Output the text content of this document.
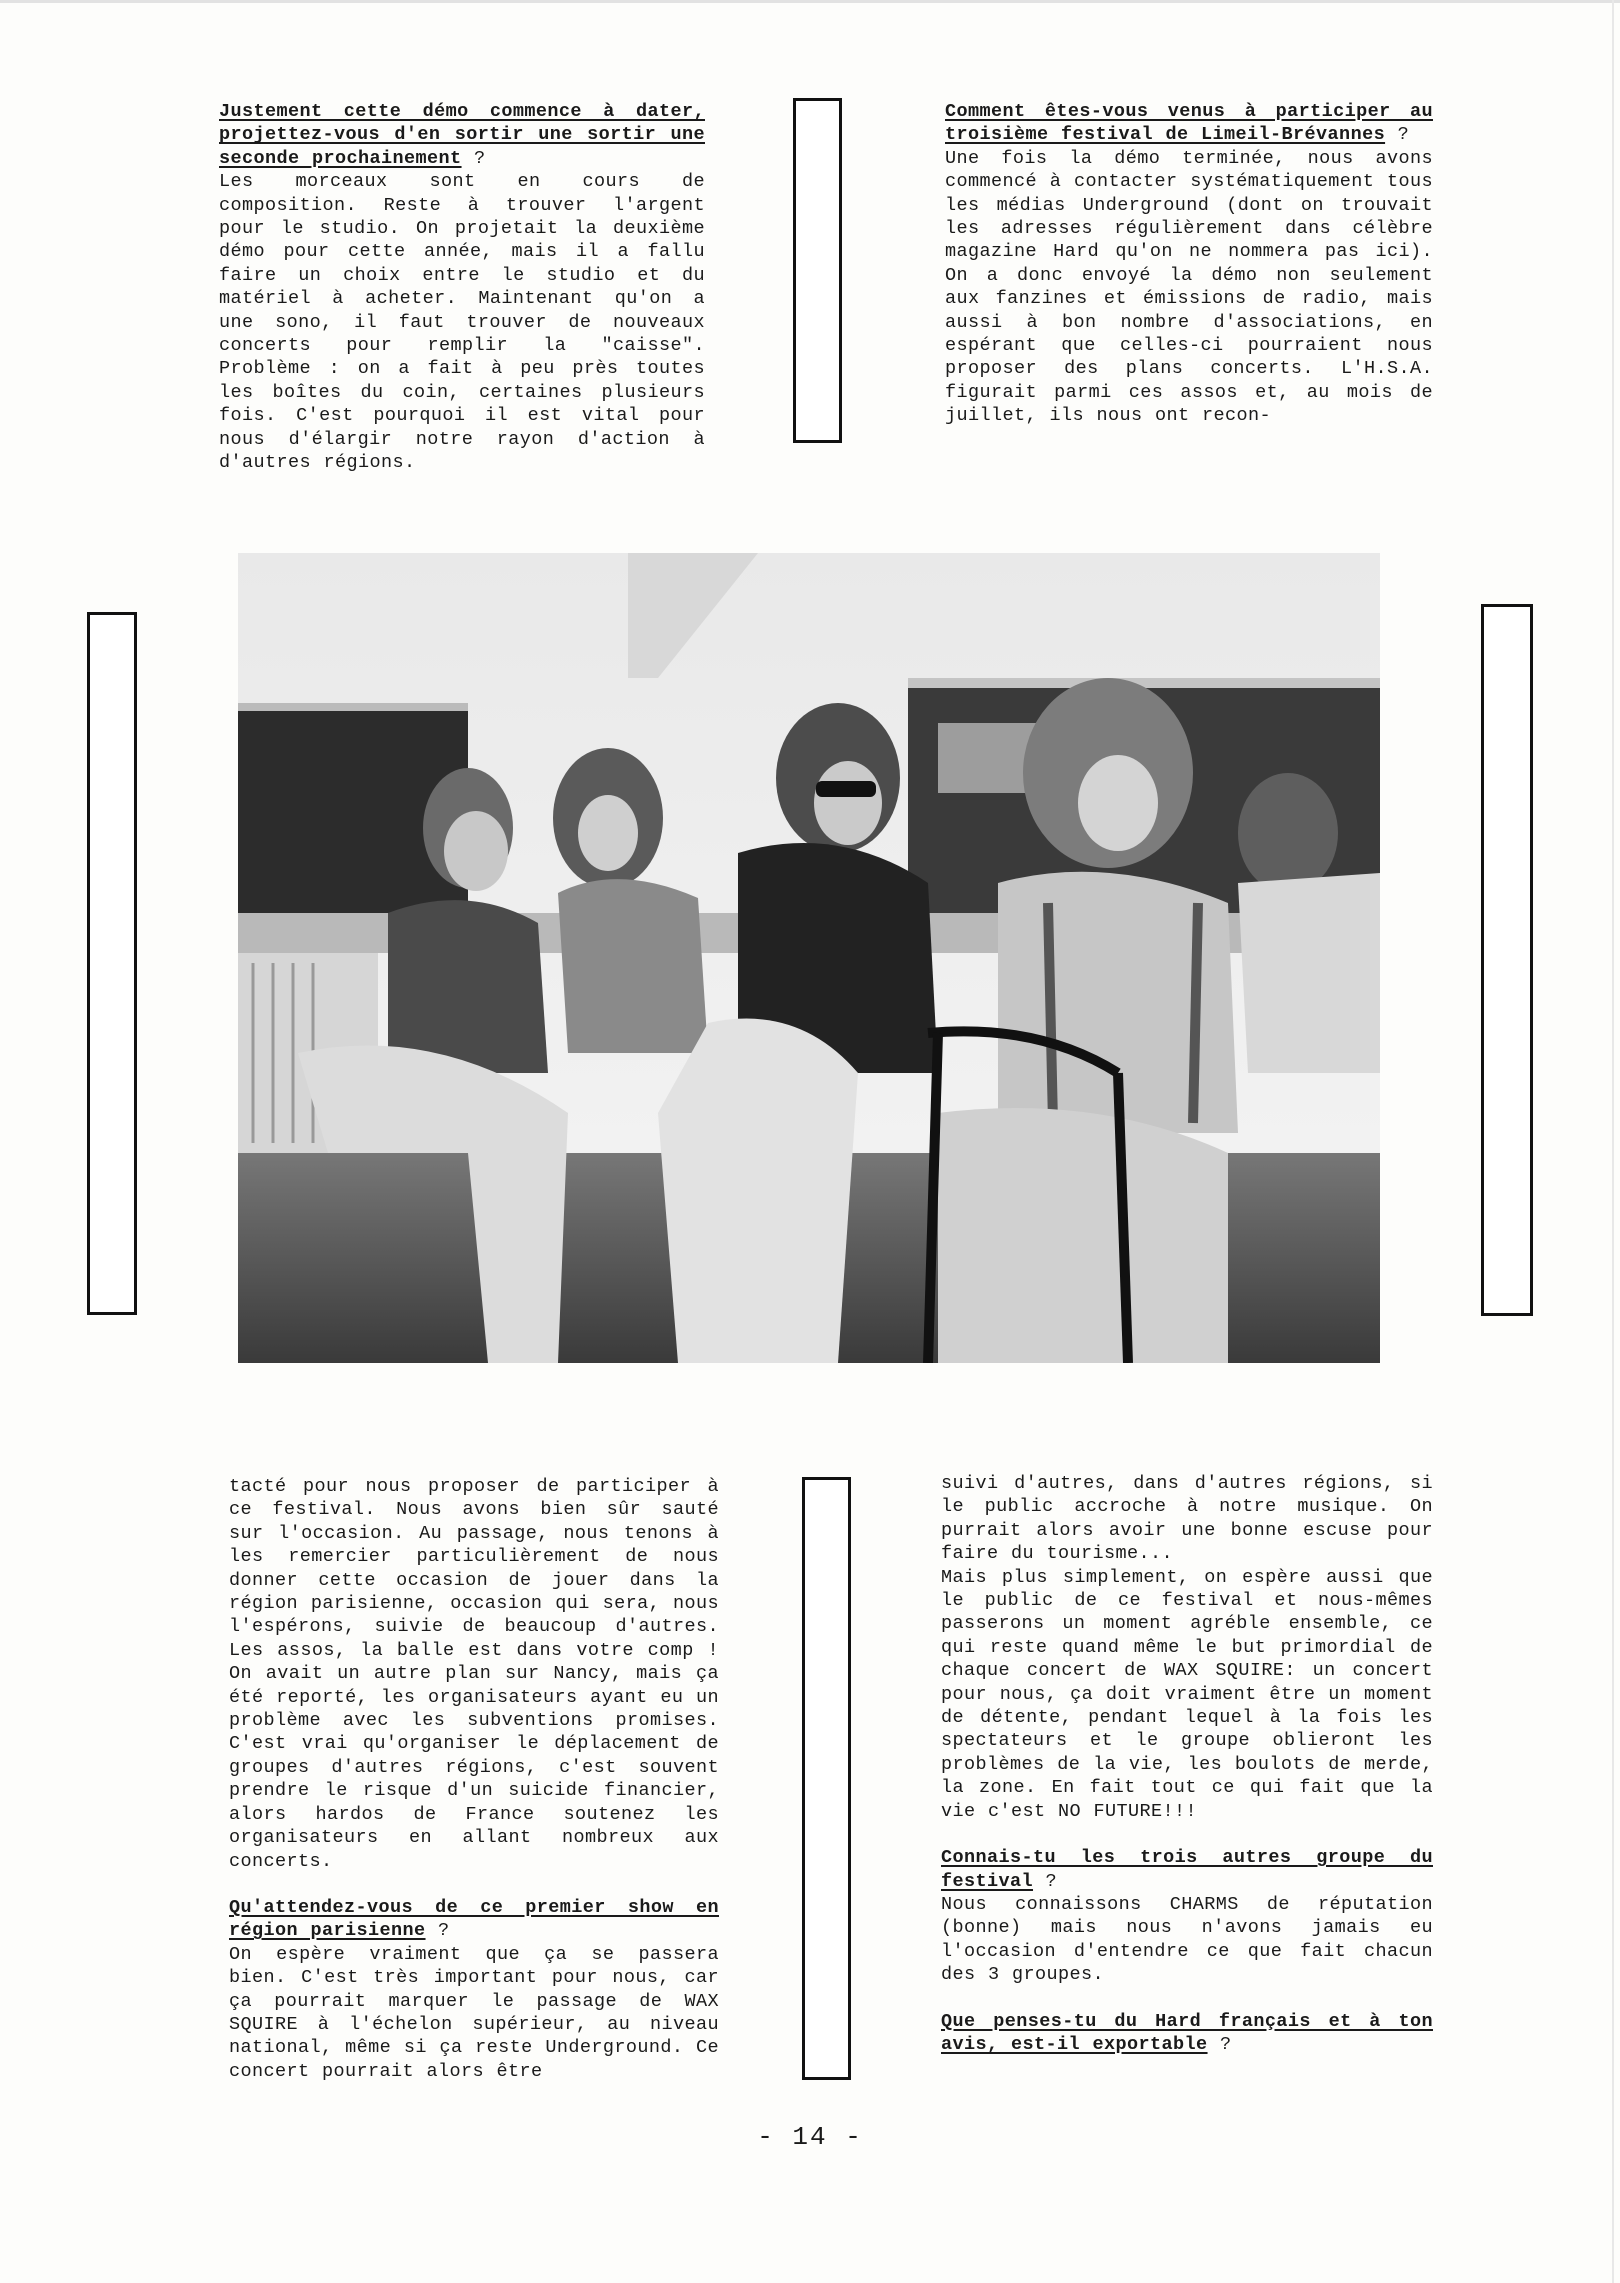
Justement cette démo commence à dater, projettez-vous d'en sortir une sortir une seconde prochainement ?

Les morceaux sont en cours de composition. Reste à trouver l'argent pour le studio. On projetait la deuxième démo pour cette année, mais il a fallu faire un choix entre le studio et du matériel à acheter. Maintenant qu'on a une sono, il faut trouver de nouveaux concerts pour remplir la "caisse". Problème : on a fait à peu près toutes les boîtes du coin, certaines plusieurs fois. C'est pourquoi il est vital pour nous d'élargir notre rayon d'action à d'autres régions.

Comment êtes-vous venus à participer au troisième festival de Limeil-Brévannes ?

Une fois la démo terminée, nous avons commencé à contacter systématiquement tous les médias Underground (dont on trouvait les adresses régulièrement dans célèbre magazine Hard qu'on ne nommera pas ici). On a donc envoyé la démo non seulement aux fanzines et émissions de radio, mais aussi à bon nombre d'associations, en espérant que celles-ci pourraient nous proposer des plans concerts. L'H.S.A. figurait parmi ces assos et, au mois de juillet, ils nous ont recon-

tacté pour nous proposer de participer à ce festival. Nous avons bien sûr sauté sur l'occasion. Au passage, nous tenons à les remercier particulièrement de nous donner cette occasion de jouer dans la région parisienne, occasion qui sera, nous l'espérons, suivie de beaucoup d'autres. Les assos, la balle est dans votre comp ! On avait un autre plan sur Nancy, mais ça été reporté, les organisateurs ayant eu un problème avec les subventions promises. C'est vrai qu'organiser le déplacement de groupes d'autres régions, c'est souvent prendre le risque d'un suicide financier, alors hardos de France soutenez les organisateurs en allant nombreux aux concerts.

Qu'attendez-vous de ce premier show en région parisienne ?

On espère vraiment que ça se passera bien. C'est très important pour nous, car ça pourrait marquer le passage de WAX SQUIRE à l'échelon supérieur, au niveau national, même si ça reste Underground. Ce concert pourrait alors être

suivi d'autres, dans d'autres régions, si le public accroche à notre musique. On purrait alors avoir une bonne escuse pour faire du tourisme...

Mais plus simplement, on espère aussi que le public de ce festival et nous-mêmes passerons un moment agréble ensemble, ce qui reste quand même le but primordial de chaque concert de WAX SQUIRE: un concert pour nous, ça doit vraiment être un moment de détente, pendant lequel à la fois les spectateurs et le groupe oblieront les problèmes de la vie, les boulots de merde, la zone. En fait tout ce qui fait que la vie c'est NO FUTURE!!!

Connais-tu les trois autres groupe du festival ?

Nous connaissons CHARMS de réputation (bonne) mais nous n'avons jamais eu l'occasion d'entendre ce que fait chacun des 3 groupes.

Que penses-tu du Hard français et à ton avis, est-il exportable ?

- 14 -
